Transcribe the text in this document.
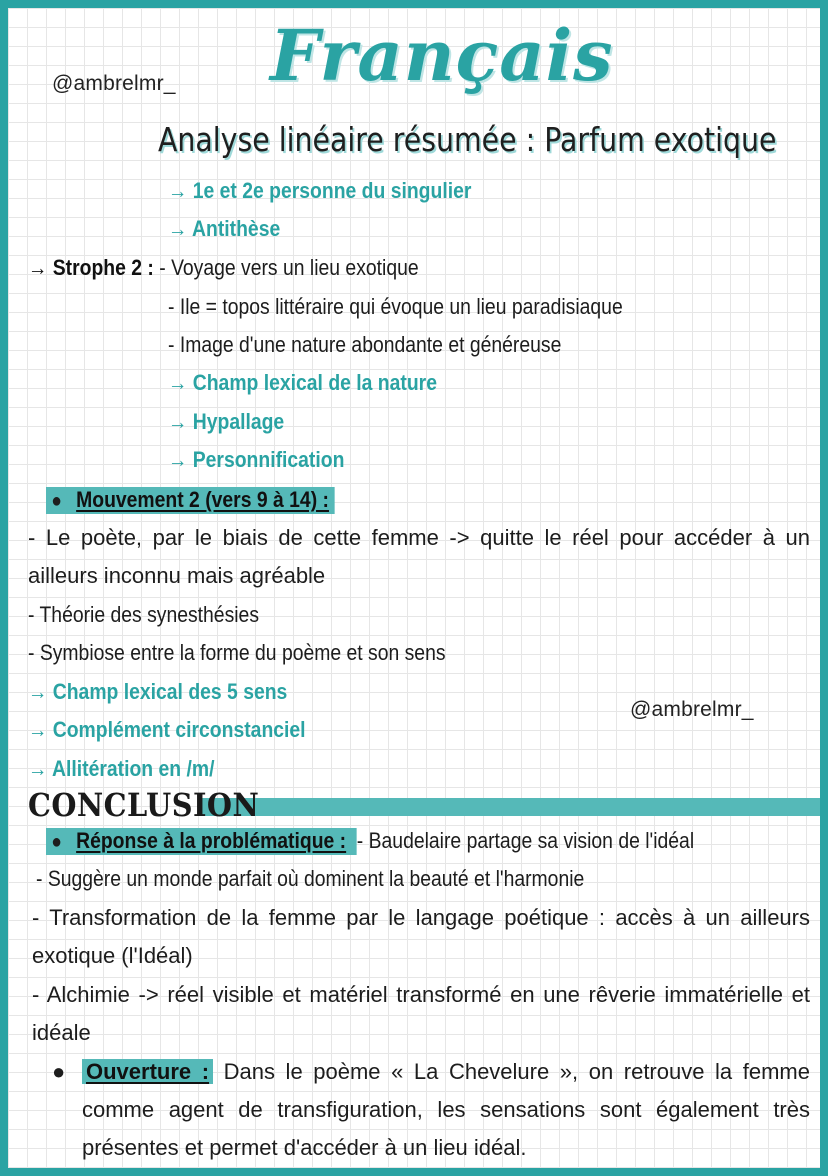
@ambrelmr_ Français
Analyse linéaire résumée : Parfum exotique
→ 1e et 2e personne du singulier
→ Antithèse
→ Strophe 2 : - Voyage vers un lieu exotique
- Ile = topos littéraire qui évoque un lieu paradisiaque
- Image d'une nature abondante et généreuse
→ Champ lexical de la nature
→ Hypallage
→ Personnification
● Mouvement 2 (vers 9 à 14) :
- Le poète, par le biais de cette femme -> quitte le réel pour accéder à un ailleurs inconnu mais agréable
- Théorie des synesthésies
- Symbiose entre la forme du poème et son sens
→ Champ lexical des 5 sens
→ Complément circonstanciel
→ Allitération en /m/
@ambrelmr_
CONCLUSION
● Réponse à la problématique : - Baudelaire partage sa vision de l'idéal
- Suggère un monde parfait où dominent la beauté et l'harmonie
- Transformation de la femme par le langage poétique : accès à un ailleurs exotique (l'Idéal)
- Alchimie -> réel visible et matériel transformé en une rêverie immatérielle et idéale
● Ouverture : Dans le poème « La Chevelure », on retrouve la femme comme agent de transfiguration, les sensations sont également très présentes et permet d'accéder à un lieu idéal.
